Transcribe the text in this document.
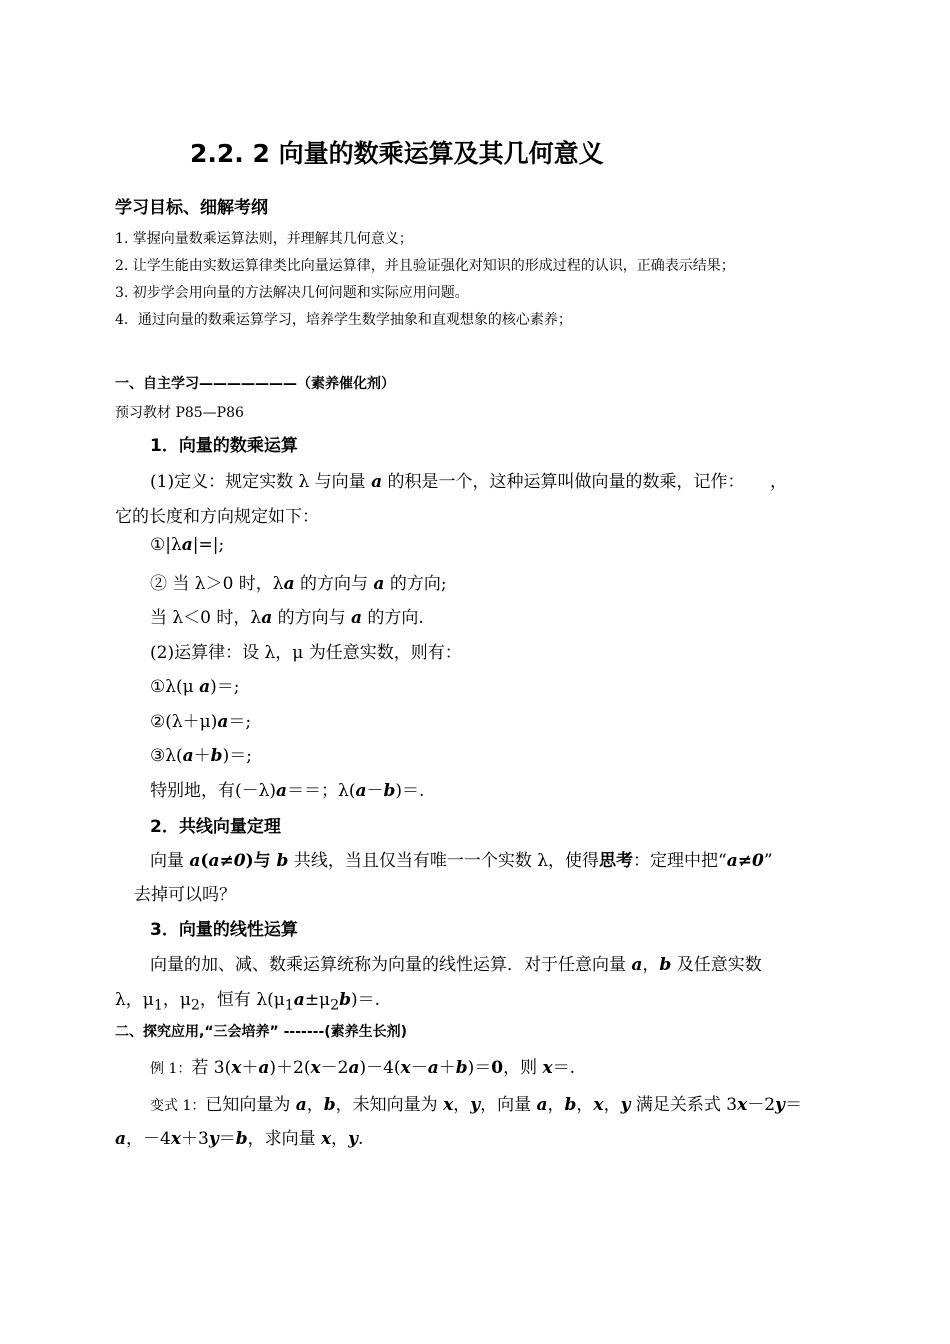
2.2. 2 向量的数乘运算及其几何意义
学习目标、细解考纲
1. 掌握向量数乘运算法则，并理解其几何意义；
2. 让学生能由实数运算律类比向量运算律，并且验证强化对知识的形成过程的认识，正确表示结果；
3. 初步学会用向量的方法解决几何问题和实际应用问题。
4．通过向量的数乘运算学习，培养学生数学抽象和直观想象的核心素养；
一、自主学习———————（素养催化剂）
预习教材 P85—P86
1．向量的数乘运算
(1)定义：规定实数 λ 与向量 a 的积是一个，这种运算叫做向量的数乘，记作：　　，
它的长度和方向规定如下：
①|λa|=|;
② 当 λ＞0 时，λa 的方向与 a 的方向;
当 λ＜0 时，λa 的方向与 a 的方向.
(2)运算律：设 λ，μ 为任意实数，则有：
①λ(μ a)＝;
②(λ＋μ)a＝;
③λ(a＋b)＝;
特别地，有(－λ)a＝＝；λ(a－b)＝.
2．共线向量定理
向量 a(a≠0)与 b 共线，当且仅当有唯一一个实数 λ，使得思考：定理中把“a≠0”
去掉可以吗？
3．向量的线性运算
向量的加、减、数乘运算统称为向量的线性运算．对于任意向量 a，b 及任意实数
λ，$\mu_1$，$\mu_2$，恒有 $\lambda(\mu_1a\pm\mu_2b)=$.
二、探究应用,“三会培养” -------(素养生长剂)
例 1：若 3(x＋a)＋2(x－2a)－4(x－a＋b)＝0，则 x＝.
变式 1：已知向量为 a，b，未知向量为 x，y，向量 a，b，x，y 满足关系式 3x－2y＝
a，－4x＋3y＝b，求向量 x，y.
